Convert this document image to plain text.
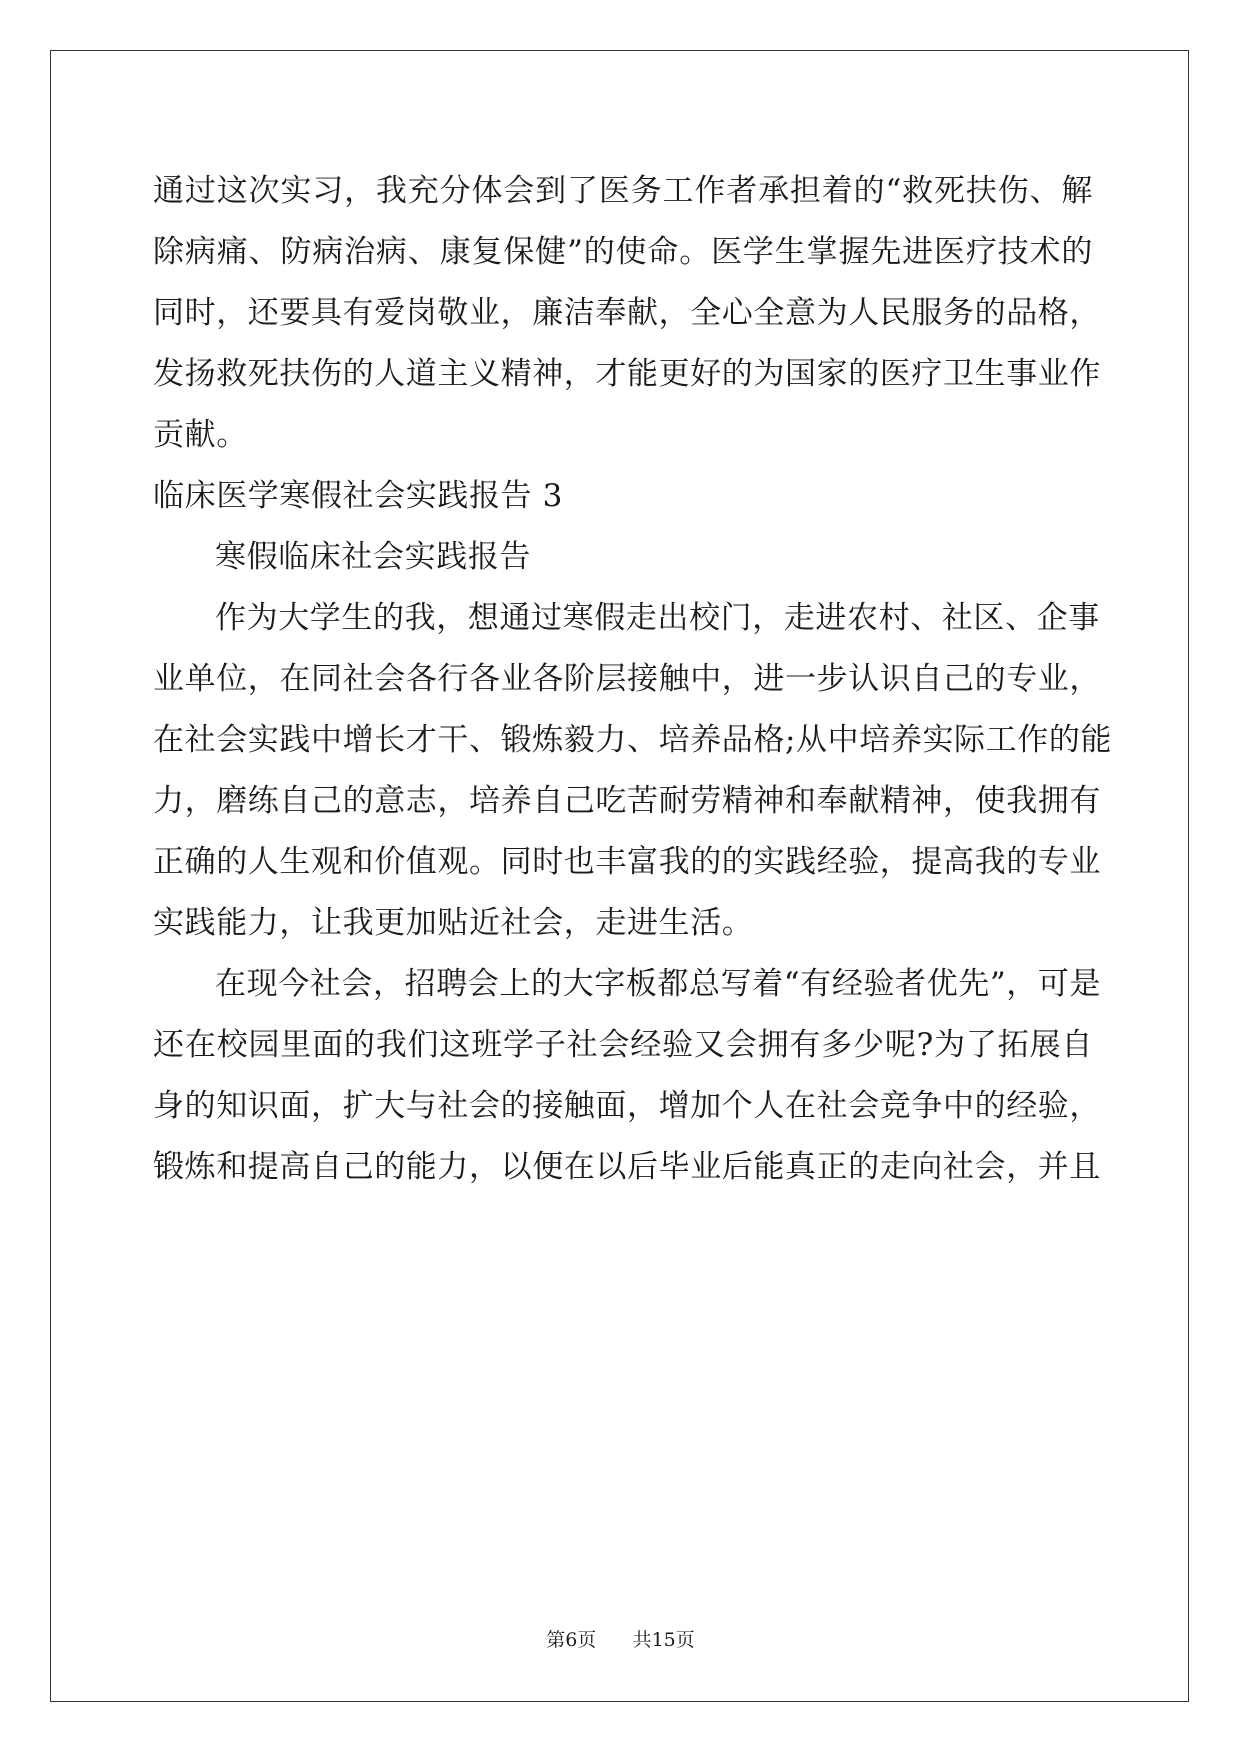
通过这次实习，我充分体会到了医务工作者承担着的“救死扶伤、解
除病痛、防病治病、康复保健”的使命。医学生掌握先进医疗技术的
同时，还要具有爱岗敬业，廉洁奉献，全心全意为人民服务的品格，
发扬救死扶伤的人道主义精神，才能更好的为国家的医疗卫生事业作
贡献。
临床医学寒假社会实践报告 3
寒假临床社会实践报告
作为大学生的我，想通过寒假走出校门，走进农村、社区、企事
业单位，在同社会各行各业各阶层接触中，进一步认识自己的专业，
在社会实践中增长才干、锻炼毅力、培养品格;从中培养实际工作的能
力，磨练自己的意志，培养自己吃苦耐劳精神和奉献精神，使我拥有
正确的人生观和价值观。同时也丰富我的的实践经验，提高我的专业
实践能力，让我更加贴近社会，走进生活。
在现今社会，招聘会上的大字板都总写着“有经验者优先”，可是
还在校园里面的我们这班学子社会经验又会拥有多少呢?为了拓展自
身的知识面，扩大与社会的接触面，增加个人在社会竞争中的经验，
锻炼和提高自己的能力，以便在以后毕业后能真正的走向社会，并且
第6页 共15页
